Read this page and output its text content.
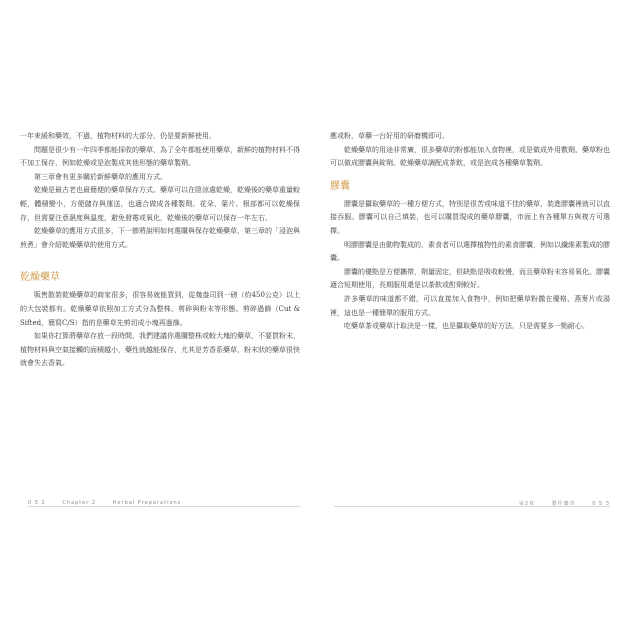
一年來緩和藥效，不過，植物材料的大部分，仍是要新鮮使用。

問題是很少有一年四季都能採收的藥草，為了全年都能使用藥草，新鮮的植物材料不得不加工保存，例如乾燥或是泡製成其他形態的藥草製劑。

第三章會有更多關於新鮮藥草的應用方式。

乾燥是最古老也最簡便的藥草保存方式。藥草可以在陰涼處乾燥，乾燥後的藥草重量較輕，體積變小，方便儲存與運送，也適合做成各種製劑。花朵、葉片、根部都可以乾燥保存，但需要注意濕度與溫度，避免發霉或氧化，乾燥後的藥草可以保存一年左右。

乾燥藥草的應用方式很多，下一節將說明如何選購與保存乾燥藥草，第三章的「浸泡與煎煮」會介紹乾燥藥草的使用方式。

乾燥藥草

販售散裝乾燥藥草的商家很多，很容易就能買到，從幾盎司到一磅（約450公克）以上的大包裝都有。乾燥藥草依照加工方式分為整株、剪碎與粉末等形態。剪碎過篩（Cut & Sifted，簡寫C/S）指的是藥草先剪切成小塊再過篩。

如果你打算將藥草存放一段時間，我們建議你選購整株或較大塊的藥草，不要買粉末，植物材料與空氣接觸的面積越小，藥性就越能保存，尤其是芳香系藥草，粉末狀的藥草很快就會失去香氣。

應或粉，草藥一台好用的研磨機即可。

乾燥藥草的用途非常廣，很多藥草的粉都能加入食物裡，或是做成外用敷劑，藥草粉也可以做成膠囊與錠劑。乾燥藥草調配成茶飲，或是泡成各種藥草製劑。

膠囊

膠囊是攝取藥草的一種方便方式，特別是很苦或味道不佳的藥草，裝進膠囊裡就可以直接吞服。膠囊可以自己填裝，也可以購買現成的藥草膠囊，市面上有各種單方與複方可選擇。

明膠膠囊是由動物製成的，素食者可以選擇植物性的素食膠囊，例如以纖維素製成的膠囊。

膠囊的優點是方便攜帶，劑量固定，但缺點是吸收較慢，而且藥草粉末容易氧化。膠囊適合短期使用，長期服用還是以茶飲或酊劑較好。

許多藥草的味道都不錯，可以直接加入食物中，例如把藥草粉撒在優格、燕麥片或湯裡，這也是一種簡單的服用方式。

吃藥草茶或藥草汁取決是一樣，也是攝取藥草的好方法，只是需要多一點耐心。

0 5 2	Chapter 2	Herbal Preparations	第2章	製作藥草	0 5 3
